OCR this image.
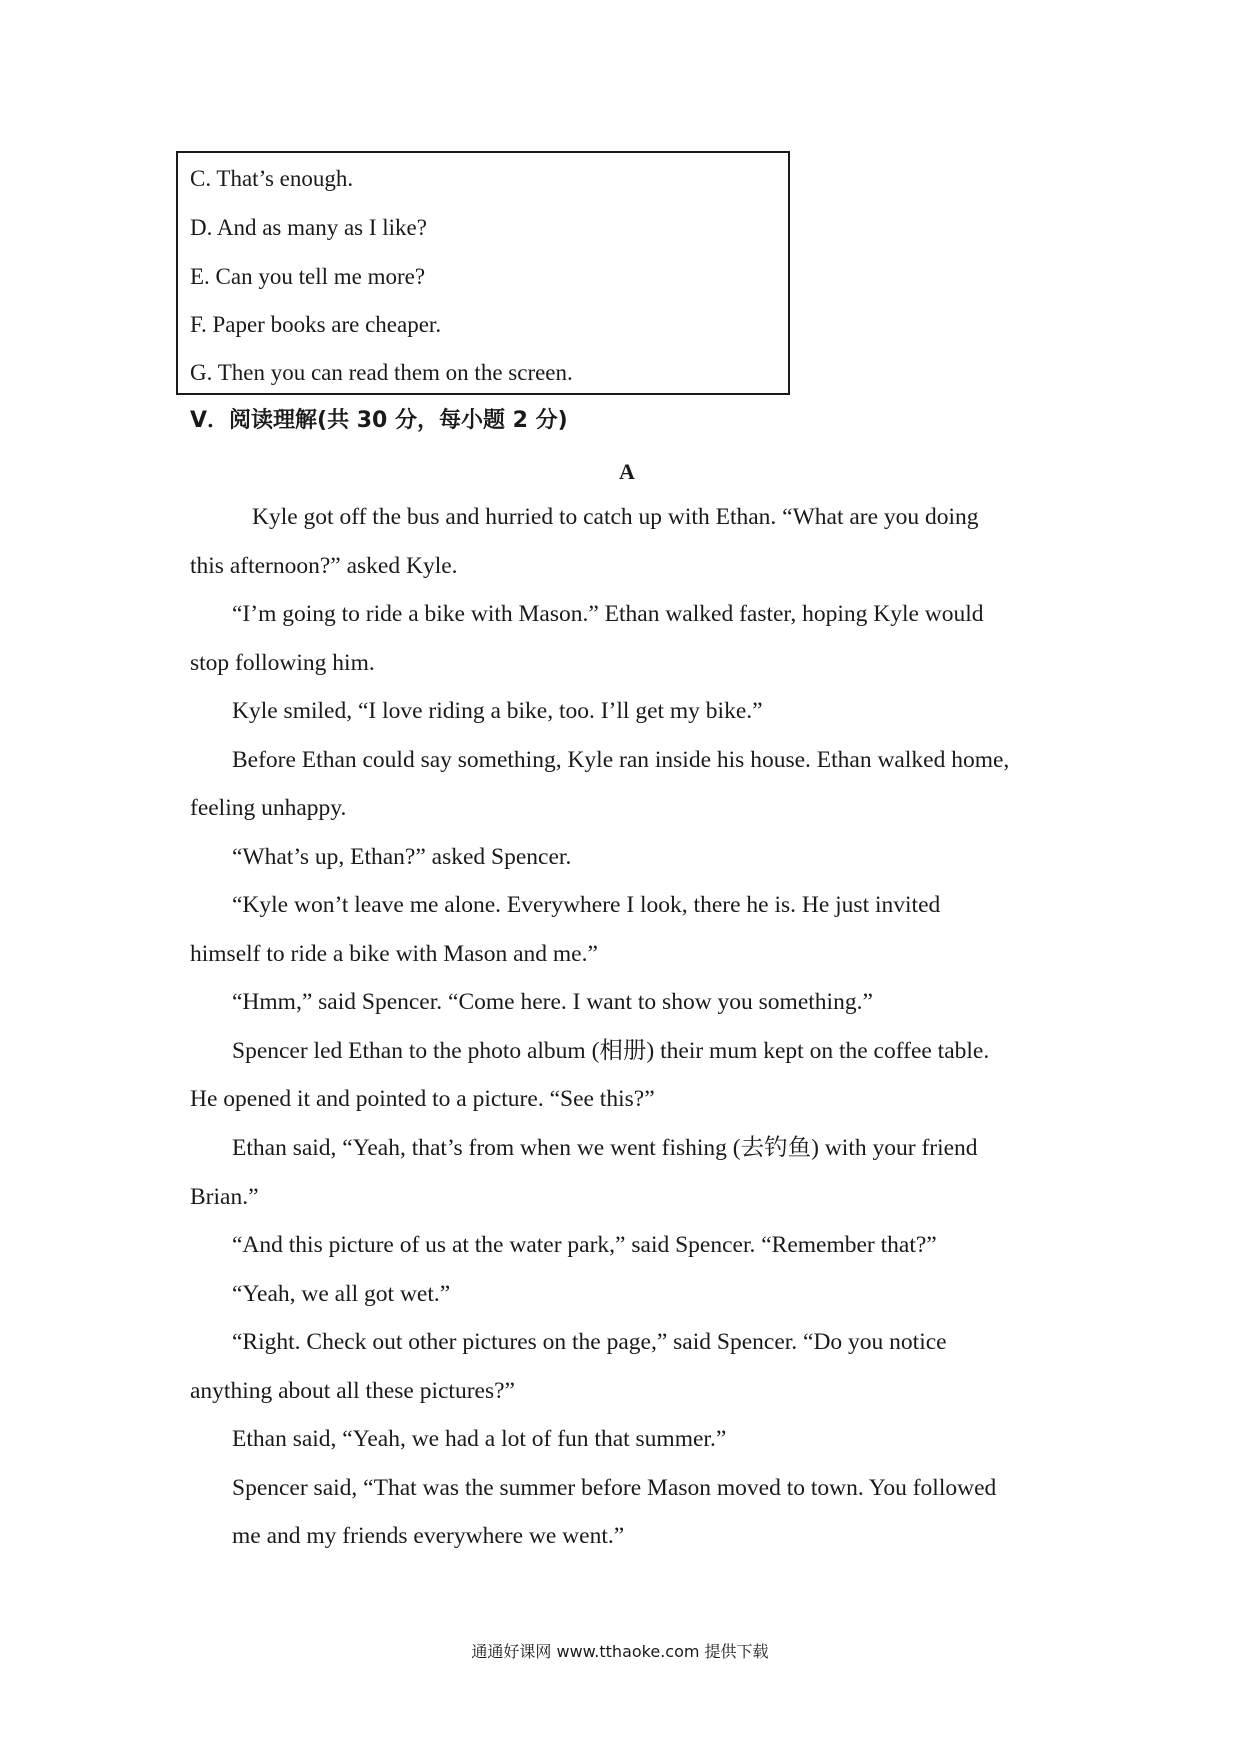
C. That’s enough.
D. And as many as I like?
E. Can you tell me more?
F. Paper books are cheaper.
G. Then you can read them on the screen.
V．阅读理解(共 30 分，每小题 2 分)
A
Kyle got off the bus and hurried to catch up with Ethan. “What are you doing
this afternoon?” asked Kyle.
“I’m going to ride a bike with Mason.” Ethan walked faster, hoping Kyle would
stop following him.
Kyle smiled, “I love riding a bike, too. I’ll get my bike.”
Before Ethan could say something, Kyle ran inside his house. Ethan walked home,
feeling unhappy.
“What’s up, Ethan?” asked Spencer.
“Kyle won’t leave me alone. Everywhere I look, there he is. He just invited
himself to ride a bike with Mason and me.”
“Hmm,” said Spencer. “Come here. I want to show you something.”
Spencer led Ethan to the photo album (相册) their mum kept on the coffee table.
He opened it and pointed to a picture. “See this?”
Ethan said, “Yeah, that’s from when we went fishing (去钓鱼) with your friend
Brian.”
“And this picture of us at the water park,” said Spencer. “Remember that?”
“Yeah, we all got wet.”
“Right. Check out other pictures on the page,” said Spencer. “Do you notice
anything about all these pictures?”
Ethan said, “Yeah, we had a lot of fun that summer.”
Spencer said, “That was the summer before Mason moved to town. You followed
me and my friends everywhere we went.”
通通好课网 www.tthaoke.com 提供下载
